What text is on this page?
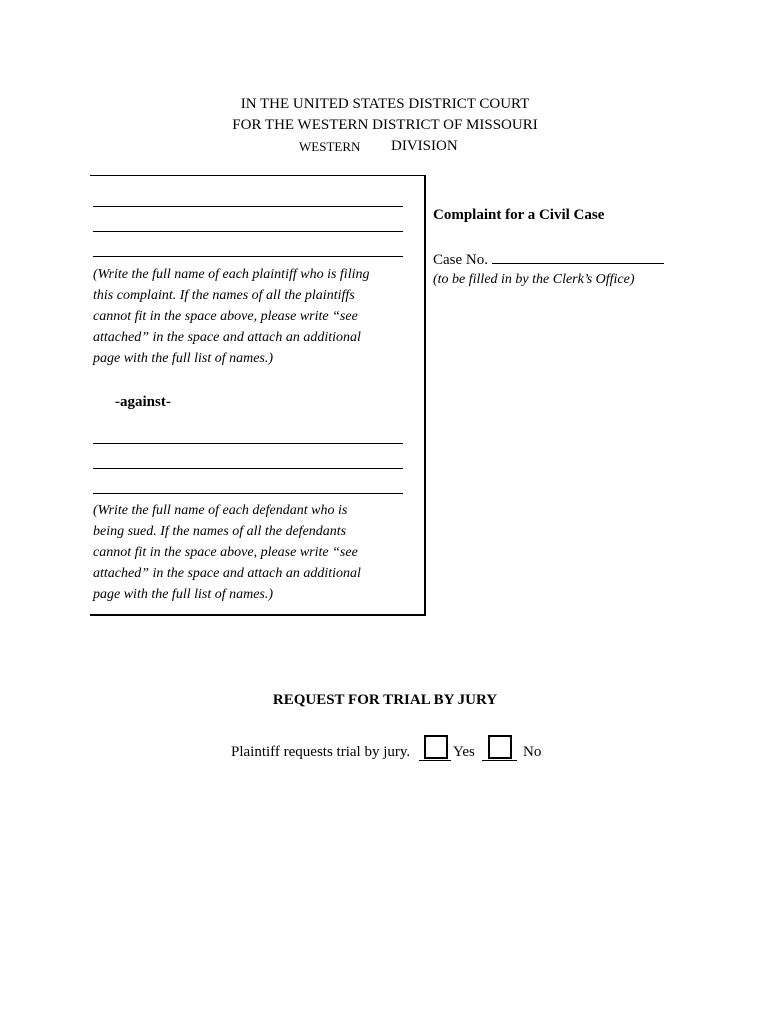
IN THE UNITED STATES DISTRICT COURT
FOR THE WESTERN DISTRICT OF MISSOURI
WESTERN DIVISION
(Write the full name of each plaintiff who is filing
this complaint. If the names of all the plaintiffs
cannot fit in the space above, please write “see
attached” in the space and attach an additional
page with the full list of names.)
-against-
(Write the full name of each defendant who is
being sued. If the names of all the defendants
cannot fit in the space above, please write “see
attached” in the space and attach an additional
page with the full list of names.)
Complaint for a Civil Case
Case No.
(to be filled in by the Clerk’s Office)
REQUEST FOR TRIAL BY JURY
Plaintiff requests trial by jury.	Yes	No
